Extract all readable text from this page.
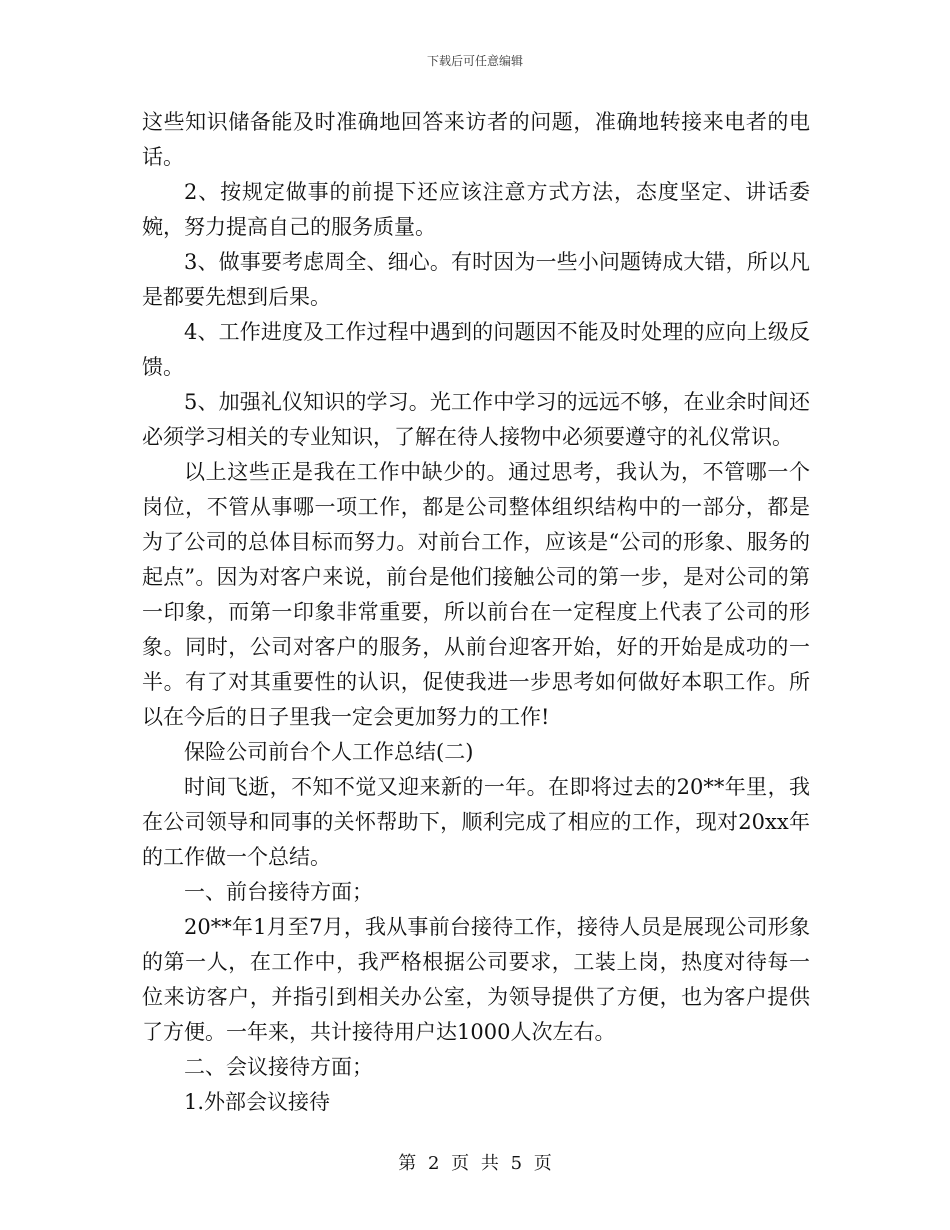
下载后可任意编辑

这些知识储备能及时准确地回答来访者的问题，准确地转接来电者的电话。

2、按规定做事的前提下还应该注意方式方法，态度坚定、讲话委婉，努力提高自己的服务质量。

3、做事要考虑周全、细心。有时因为一些小问题铸成大错，所以凡是都要先想到后果。

4、工作进度及工作过程中遇到的问题因不能及时处理的应向上级反馈。

5、加强礼仪知识的学习。光工作中学习的远远不够，在业余时间还必须学习相关的专业知识，了解在待人接物中必须要遵守的礼仪常识。

以上这些正是我在工作中缺少的。通过思考，我认为，不管哪一个岗位，不管从事哪一项工作，都是公司整体组织结构中的一部分，都是为了公司的总体目标而努力。对前台工作，应该是“公司的形象、服务的起点”。因为对客户来说，前台是他们接触公司的第一步，是对公司的第一印象，而第一印象非常重要，所以前台在一定程度上代表了公司的形象。同时，公司对客户的服务，从前台迎客开始，好的开始是成功的一半。有了对其重要性的认识，促使我进一步思考如何做好本职工作。所以在今后的日子里我一定会更加努力的工作!

保险公司前台个人工作总结(二)

时间飞逝，不知不觉又迎来新的一年。在即将过去的20**年里，我在公司领导和同事的关怀帮助下，顺利完成了相应的工作，现对20xx年的工作做一个总结。

一、前台接待方面；

20**年1月至7月，我从事前台接待工作，接待人员是展现公司形象的第一人，在工作中，我严格根据公司要求，工装上岗，热度对待每一位来访客户，并指引到相关办公室，为领导提供了方便，也为客户提供了方便。一年来，共计接待用户达1000人次左右。

二、会议接待方面；

1.外部会议接待

第 2 页 共 5 页
